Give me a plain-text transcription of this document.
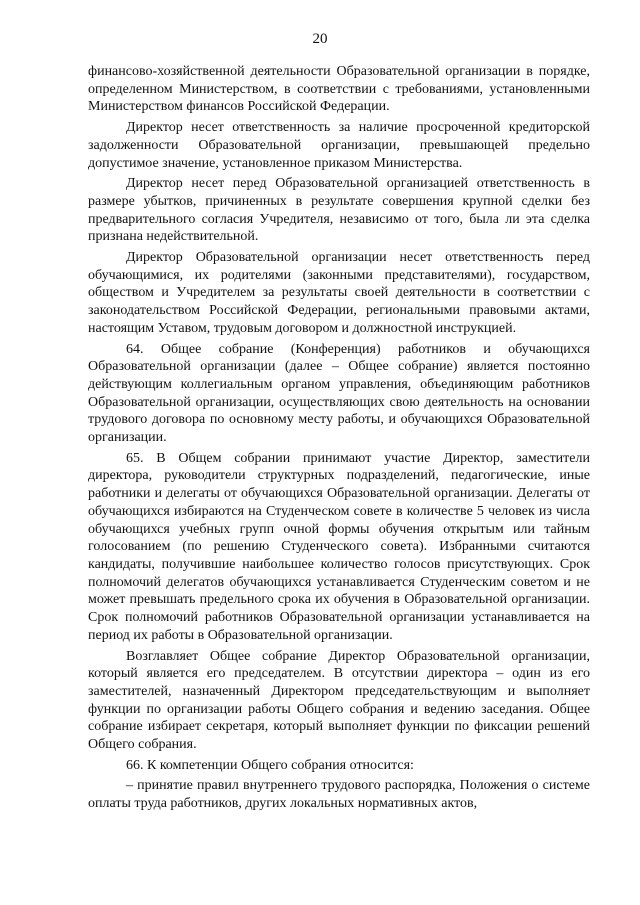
20

финансово-хозяйственной деятельности Образовательной организации в порядке, определенном Министерством, в соответствии с требованиями, установленными Министерством финансов Российской Федерации.

Директор несет ответственность за наличие просроченной кредиторской задолженности Образовательной организации, превышающей предельно допустимое значение, установленное приказом Министерства.

Директор несет перед Образовательной организацией ответственность в размере убытков, причиненных в результате совершения крупной сделки без предварительного согласия Учредителя, независимо от того, была ли эта сделка признана недействительной.

Директор Образовательной организации несет ответственность перед обучающимися, их родителями (законными представителями), государством, обществом и Учредителем за результаты своей деятельности в соответствии с законодательством Российской Федерации, региональными правовыми актами, настоящим Уставом, трудовым договором и должностной инструкцией.

64. Общее собрание (Конференция) работников и обучающихся Образовательной организации (далее – Общее собрание) является постоянно действующим коллегиальным органом управления, объединяющим работников Образовательной организации, осуществляющих свою деятельность на основании трудового договора по основному месту работы, и обучающихся Образовательной организации.

65. В Общем собрании принимают участие Директор, заместители директора, руководители структурных подразделений, педагогические, иные работники и делегаты от обучающихся Образовательной организации. Делегаты от обучающихся избираются на Студенческом совете в количестве 5 человек из числа обучающихся учебных групп очной формы обучения открытым или тайным голосованием (по решению Студенческого совета). Избранными считаются кандидаты, получившие наибольшее количество голосов присутствующих. Срок полномочий делегатов обучающихся устанавливается Студенческим советом и не может превышать предельного срока их обучения в Образовательной организации. Срок полномочий работников Образовательной организации устанавливается на период их работы в Образовательной организации.

Возглавляет Общее собрание Директор Образовательной организации, который является его председателем. В отсутствии директора – один из его заместителей, назначенный Директором председательствующим и выполняет функции по организации работы Общего собрания и ведению заседания. Общее собрание избирает секретаря, который выполняет функции по фиксации решений Общего собрания.

66. К компетенции Общего собрания относится:

– принятие правил внутреннего трудового распорядка, Положения о системе оплаты труда работников, других локальных нормативных актов,
